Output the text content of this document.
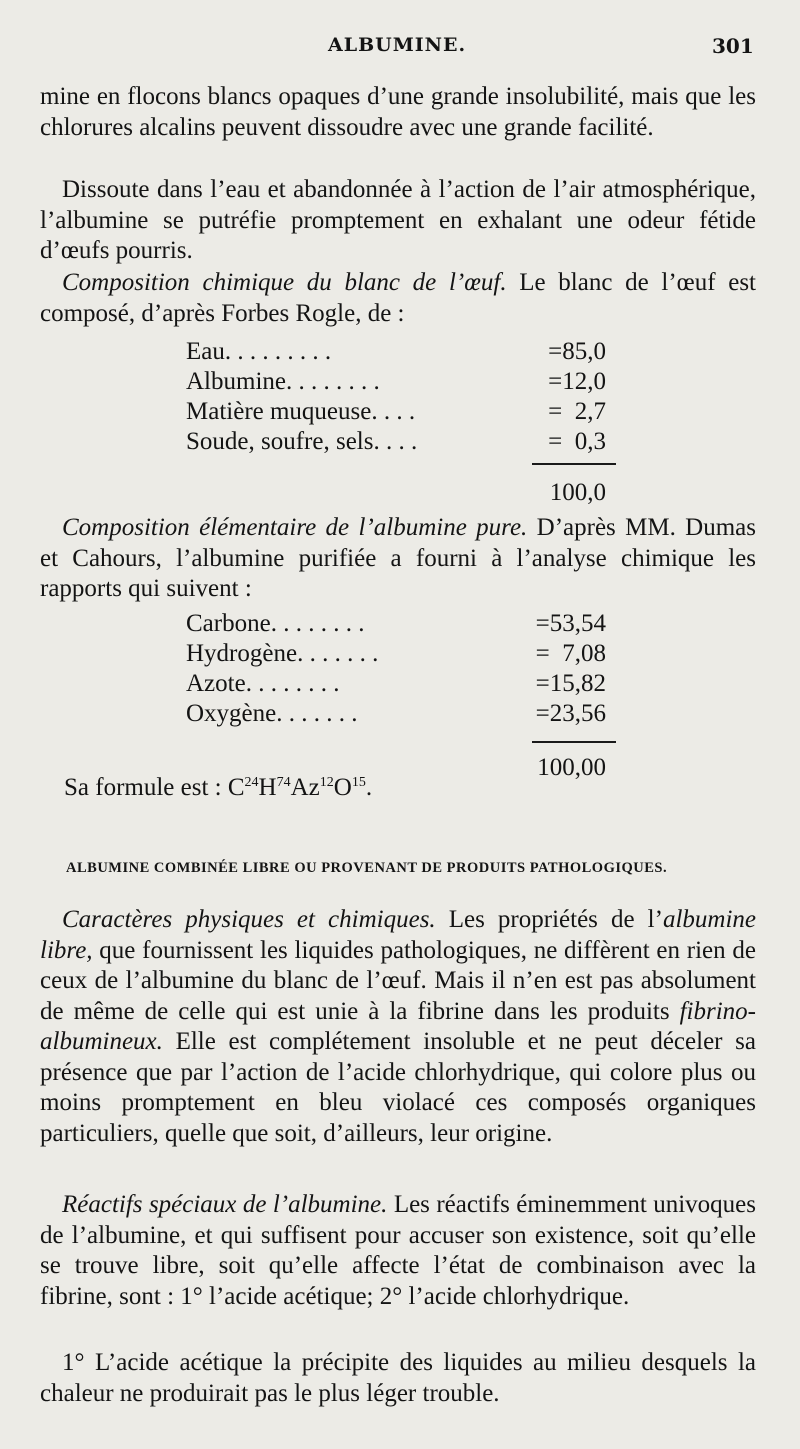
ALBUMINE.	301
mine en flocons blancs opaques d’une grande insolubilité, mais que les chlorures alcalins peuvent dissoudre avec une grande facilité.
Dissoute dans l’eau et abandonnée à l’action de l’air atmosphérique, l’albumine se putréfie promptement en exhalant une odeur fétide d’œufs pourris.
Composition chimique du blanc de l’œuf. Le blanc de l’œuf est composé, d’après Forbes Rogle, de :
Eau. . . . . . . . .	=85,0
Albumine. . . . . . . .	=12,0
Matière muqueuse. . . .	=  2,7
Soude, soufre, sels. . . .	=  0,3
100,0
Composition élémentaire de l’albumine pure. D’après MM. Dumas et Cahours, l’albumine purifiée a fourni à l’analyse chimique les rapports qui suivent :
Carbone. . . . . . . .	=53,54
Hydrogène. . . . . . .	=  7,08
Azote. . . . . . . .	=15,82
Oxygène. . . . . . .	=23,56
100,00
Sa formule est : $C^{24}H^{74}Az^{12}O^{15}$.
ALBUMINE COMBINÉE LIBRE OU PROVENANT DE PRODUITS PATHOLOGIQUES.
Caractères physiques et chimiques. Les propriétés de l’albumine libre, que fournissent les liquides pathologiques, ne diffèrent en rien de ceux de l’albumine du blanc de l’œuf. Mais il n’en est pas absolument de même de celle qui est unie à la fibrine dans les produits fibrino-albumineux. Elle est complétement insoluble et ne peut déceler sa présence que par l’action de l’acide chlorhydrique, qui colore plus ou moins promptement en bleu violacé ces composés organiques particuliers, quelle que soit, d’ailleurs, leur origine.
Réactifs spéciaux de l’albumine. Les réactifs éminemment univoques de l’albumine, et qui suffisent pour accuser son existence, soit qu’elle se trouve libre, soit qu’elle affecte l’état de combinaison avec la fibrine, sont : 1° l’acide acétique; 2° l’acide chlorhydrique.
1° L’acide acétique la précipite des liquides au milieu desquels la chaleur ne produirait pas le plus léger trouble.
